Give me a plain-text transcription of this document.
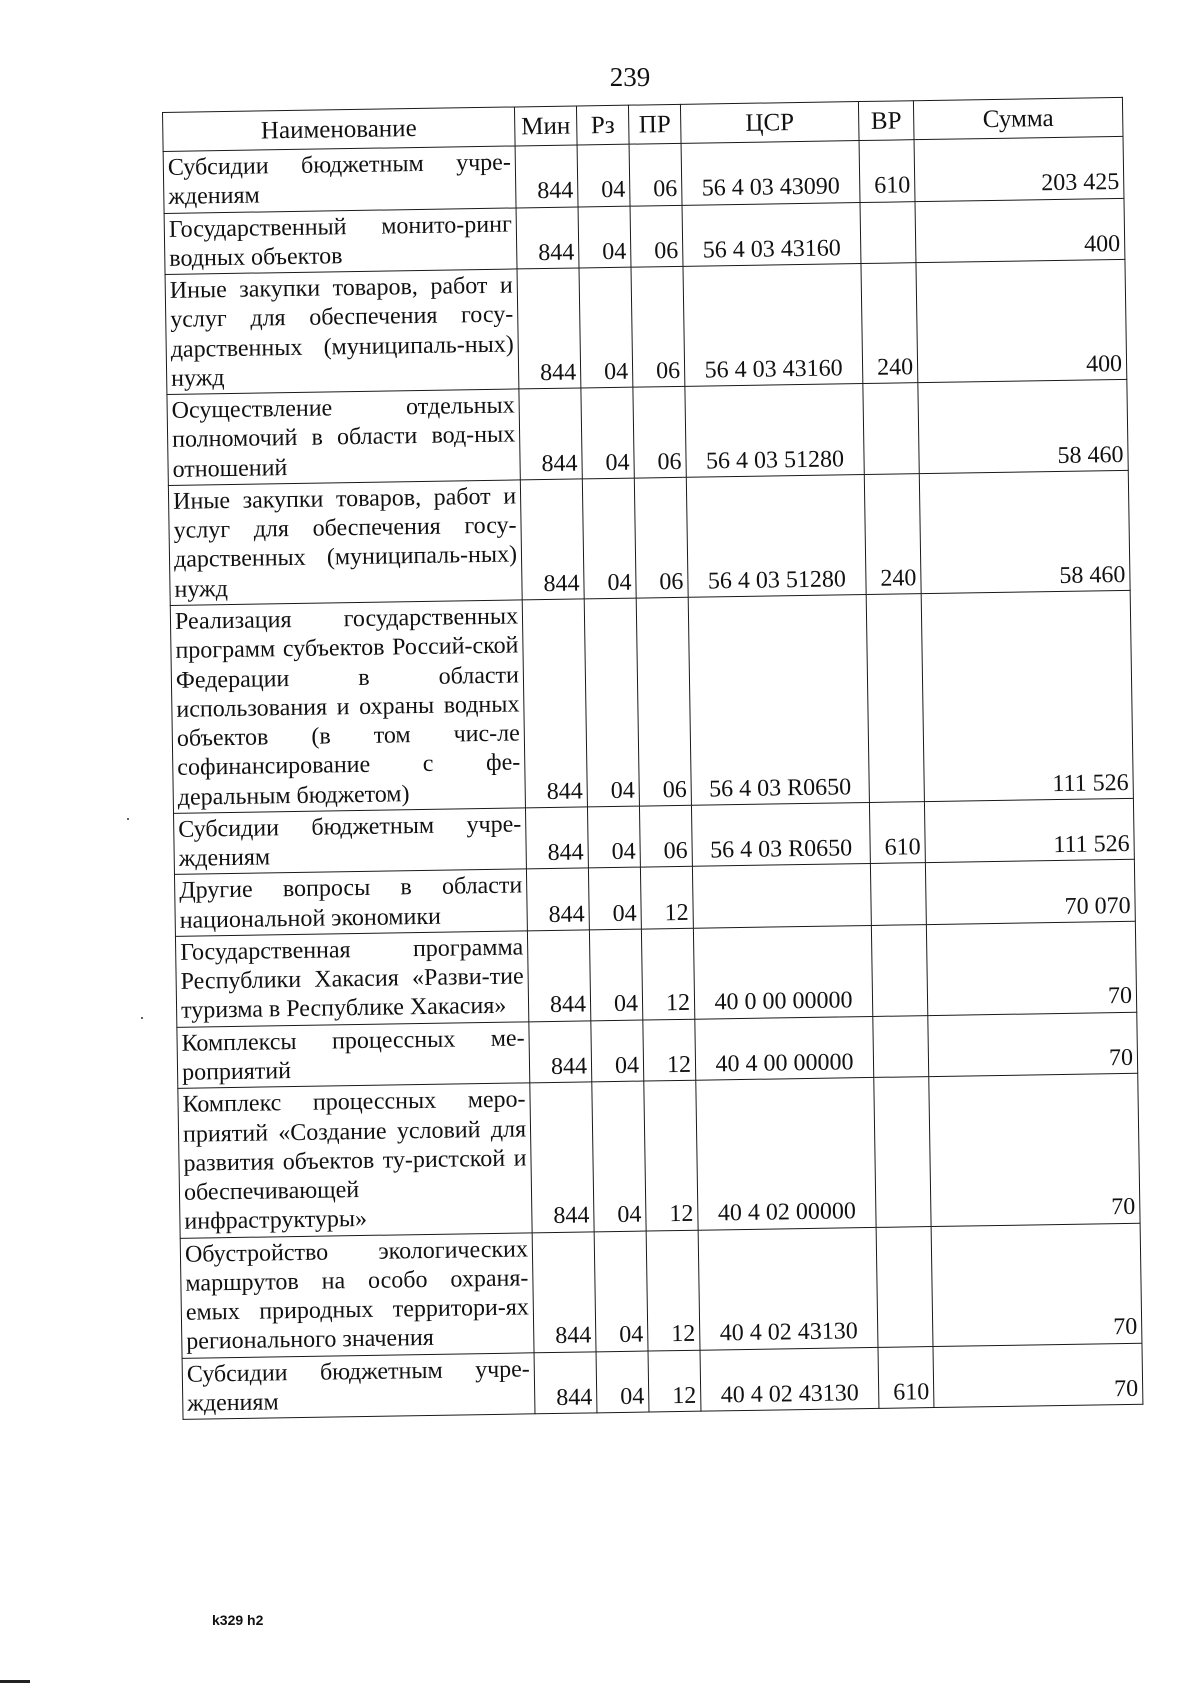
239
Наименование	Мин	Рз	ПР	ЦСР	ВР	Сумма
Субсидии бюджетным учре-ждениям	844	04	06	56 4 03 43090	610	203 425
Государственный монито-ринг водных объектов	844	04	06	56 4 03 43160		400
Иные закупки товаров, работ и услуг для обеспечения госу-дарственных (муниципаль-ных) нужд	844	04	06	56 4 03 43160	240	400
Осуществление отдельных полномочий в области вод-ных отношений	844	04	06	56 4 03 51280		58 460
Иные закупки товаров, работ и услуг для обеспечения госу-дарственных (муниципаль-ных) нужд	844	04	06	56 4 03 51280	240	58 460
Реализация государственных программ субъектов Россий-ской Федерации в области использования и охраны водных объектов (в том чис-ле софинансирование с фе-деральным бюджетом)	844	04	06	56 4 03 R0650		111 526
Субсидии бюджетным учре-ждениям	844	04	06	56 4 03 R0650	610	111 526
Другие вопросы в области национальной экономики	844	04	12			70 070
Государственная программа Республики Хакасия «Разви-тие туризма в Республике Хакасия»	844	04	12	40 0 00 00000		70
Комплексы процессных ме-роприятий	844	04	12	40 4 00 00000		70
Комплекс процессных меро-приятий «Создание условий для развития объектов ту-ристской и обеспечивающей инфраструктуры»	844	04	12	40 4 02 00000		70
Обустройство экологических маршрутов на особо охраня-емых природных территори-ях регионального значения	844	04	12	40 4 02 43130		70
Субсидии бюджетным учре-ждениям	844	04	12	40 4 02 43130	610	70
k329 h2
